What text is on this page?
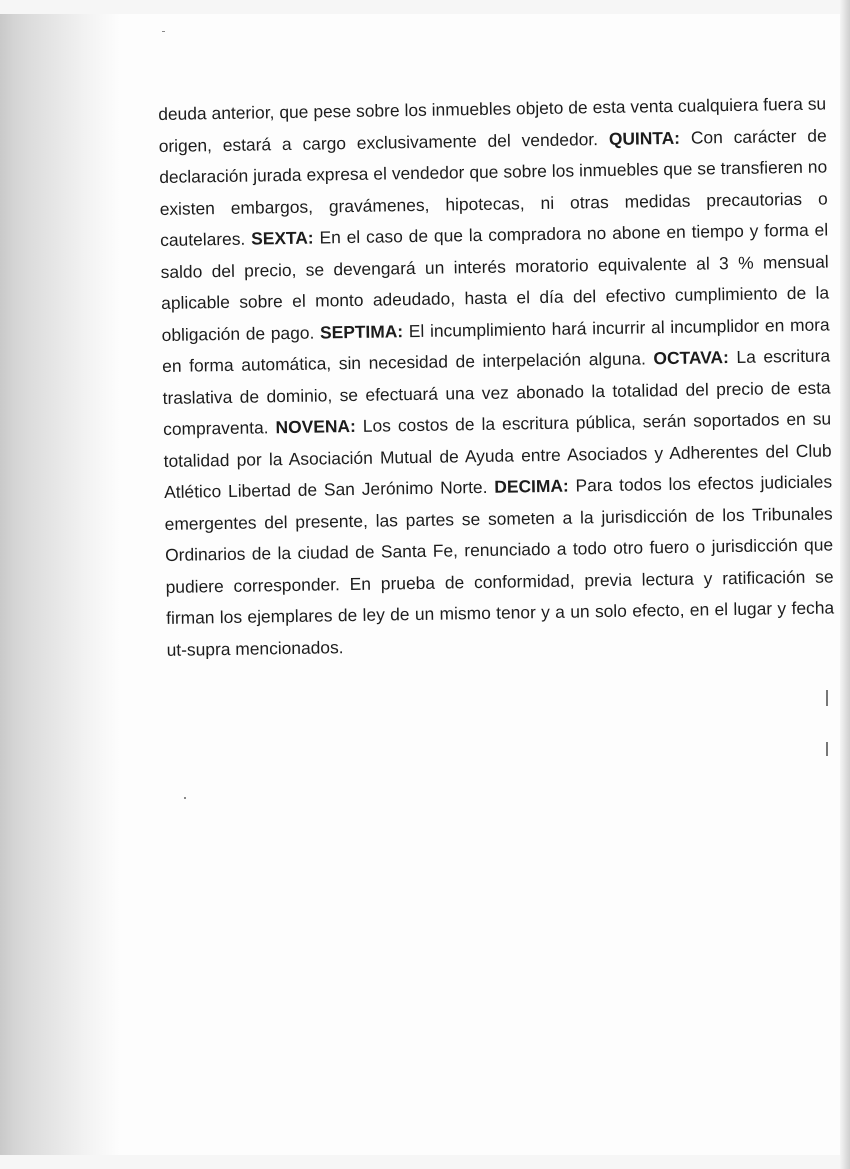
deuda anterior, que pese sobre los inmuebles objeto de esta venta cualquiera fuera su origen, estará a cargo exclusivamente del vendedor. QUINTA: Con carácter de declaración jurada expresa el vendedor que sobre los inmuebles que se transfieren no existen embargos, gravámenes, hipotecas, ni otras medidas precautorias o cautelares. SEXTA: En el caso de que la compradora no abone en tiempo y forma el saldo del precio, se devengará un interés moratorio equivalente al 3 % mensual aplicable sobre el monto adeudado, hasta el día del efectivo cumplimiento de la obligación de pago. SEPTIMA: El incumplimiento hará incurrir al incumplidor en mora en forma automática, sin necesidad de interpelación alguna. OCTAVA: La escritura traslativa de dominio, se efectuará una vez abonado la totalidad del precio de esta compraventa. NOVENA: Los costos de la escritura pública, serán soportados en su totalidad por la Asociación Mutual de Ayuda entre Asociados y Adherentes del Club Atlético Libertad de San Jerónimo Norte. DECIMA: Para todos los efectos judiciales emergentes del presente, las partes se someten a la jurisdicción de los Tribunales Ordinarios de la ciudad de Santa Fe, renunciado a todo otro fuero o jurisdicción que pudiere corresponder. En prueba de conformidad, previa lectura y ratificación se firman los ejemplares de ley de un mismo tenor y a un solo efecto, en el lugar y fecha ut-supra mencionados.
